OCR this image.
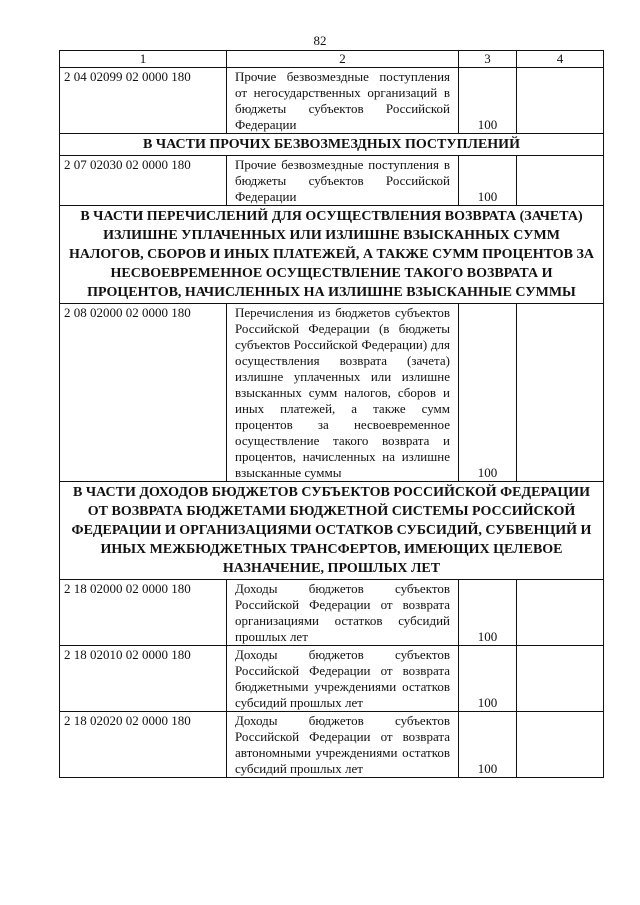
82
1	2	3	4
2 04 02099 02 0000 180	Прочие безвозмездные поступления от негосударственных организаций в бюджеты субъектов Российской Федерации	100	
В ЧАСТИ ПРОЧИХ БЕЗВОЗМЕЗДНЫХ ПОСТУПЛЕНИЙ			
2 07 02030 02 0000 180	Прочие безвозмездные поступления в бюджеты субъектов Российской Федерации	100	
В ЧАСТИ ПЕРЕЧИСЛЕНИЙ ДЛЯ ОСУЩЕСТВЛЕНИЯ ВОЗВРАТА (ЗАЧЕТА) ИЗЛИШНЕ УПЛАЧЕННЫХ ИЛИ ИЗЛИШНЕ ВЗЫСКАННЫХ СУММ НАЛОГОВ, СБОРОВ И ИНЫХ ПЛАТЕЖЕЙ, А ТАКЖЕ СУММ ПРОЦЕНТОВ ЗА НЕСВОЕВРЕМЕННОЕ ОСУЩЕСТВЛЕНИЕ ТАКОГО ВОЗВРАТА И ПРОЦЕНТОВ, НАЧИСЛЕННЫХ НА ИЗЛИШНЕ ВЗЫСКАННЫЕ СУММЫ			
2 08 02000 02 0000 180	Перечисления из бюджетов субъектов Российской Федерации (в бюджеты субъектов Российской Федерации) для осуществления возврата (зачета) излишне уплаченных или излишне взысканных сумм налогов, сборов и иных платежей, а также сумм процентов за несвоевременное осуществление такого возврата и процентов, начисленных на излишне взысканные суммы	100	
В ЧАСТИ ДОХОДОВ БЮДЖЕТОВ СУБЪЕКТОВ РОССИЙСКОЙ ФЕДЕРАЦИИ ОТ ВОЗВРАТА БЮДЖЕТАМИ БЮДЖЕТНОЙ СИСТЕМЫ РОССИЙСКОЙ ФЕДЕРАЦИИ И ОРГАНИЗАЦИЯМИ ОСТАТКОВ СУБСИДИЙ, СУБВЕНЦИЙ И ИНЫХ МЕЖБЮДЖЕТНЫХ ТРАНСФЕРТОВ, ИМЕЮЩИХ ЦЕЛЕВОЕ НАЗНАЧЕНИЕ, ПРОШЛЫХ ЛЕТ			
2 18 02000 02 0000 180	Доходы бюджетов субъектов Российской Федерации от возврата организациями остатков субсидий прошлых лет	100	
2 18 02010 02 0000 180	Доходы бюджетов субъектов Российской Федерации от возврата бюджетными учреждениями остатков субсидий прошлых лет	100	
2 18 02020 02 0000 180	Доходы бюджетов субъектов Российской Федерации от возврата автономными учреждениями остатков субсидий прошлых лет	100	
